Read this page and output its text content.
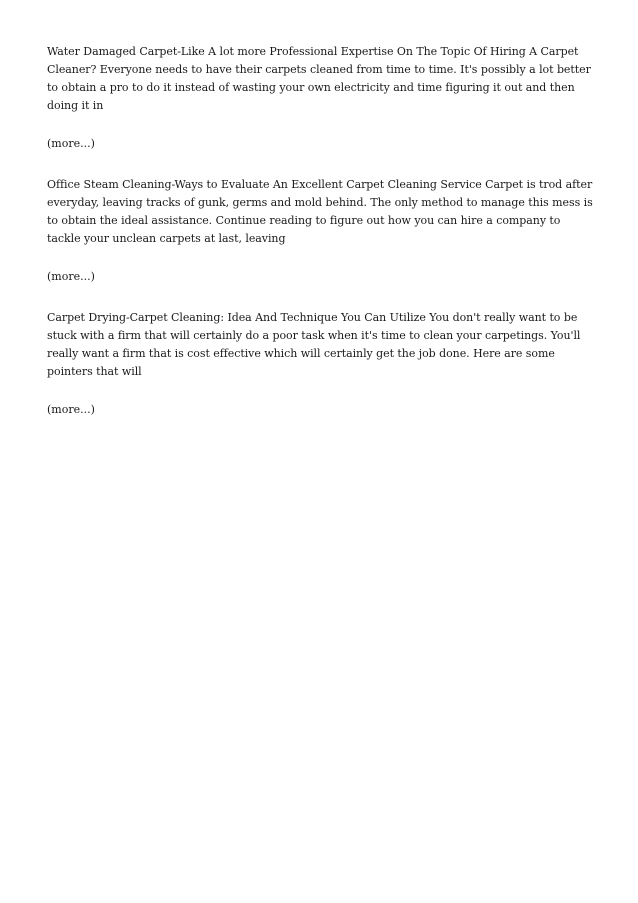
Water Damaged Carpet-Like A lot more Professional Expertise On The Topic Of Hiring A Carpet Cleaner? Everyone needs to have their carpets cleaned from time to time. It's possibly a lot better to obtain a pro to do it instead of wasting your own electricity and time figuring it out and then doing it in

(more...)

Office Steam Cleaning-Ways to Evaluate An Excellent Carpet Cleaning Service Carpet is trod after everyday, leaving tracks of gunk, germs and mold behind. The only method to manage this mess is to obtain the ideal assistance. Continue reading to figure out how you can hire a company to tackle your unclean carpets at last, leaving

(more...)

Carpet Drying-Carpet Cleaning: Idea And Technique You Can Utilize You don't really want to be stuck with a firm that will certainly do a poor task when it's time to clean your carpetings. You'll really want a firm that is cost effective which will certainly get the job done. Here are some pointers that will

(more...)
